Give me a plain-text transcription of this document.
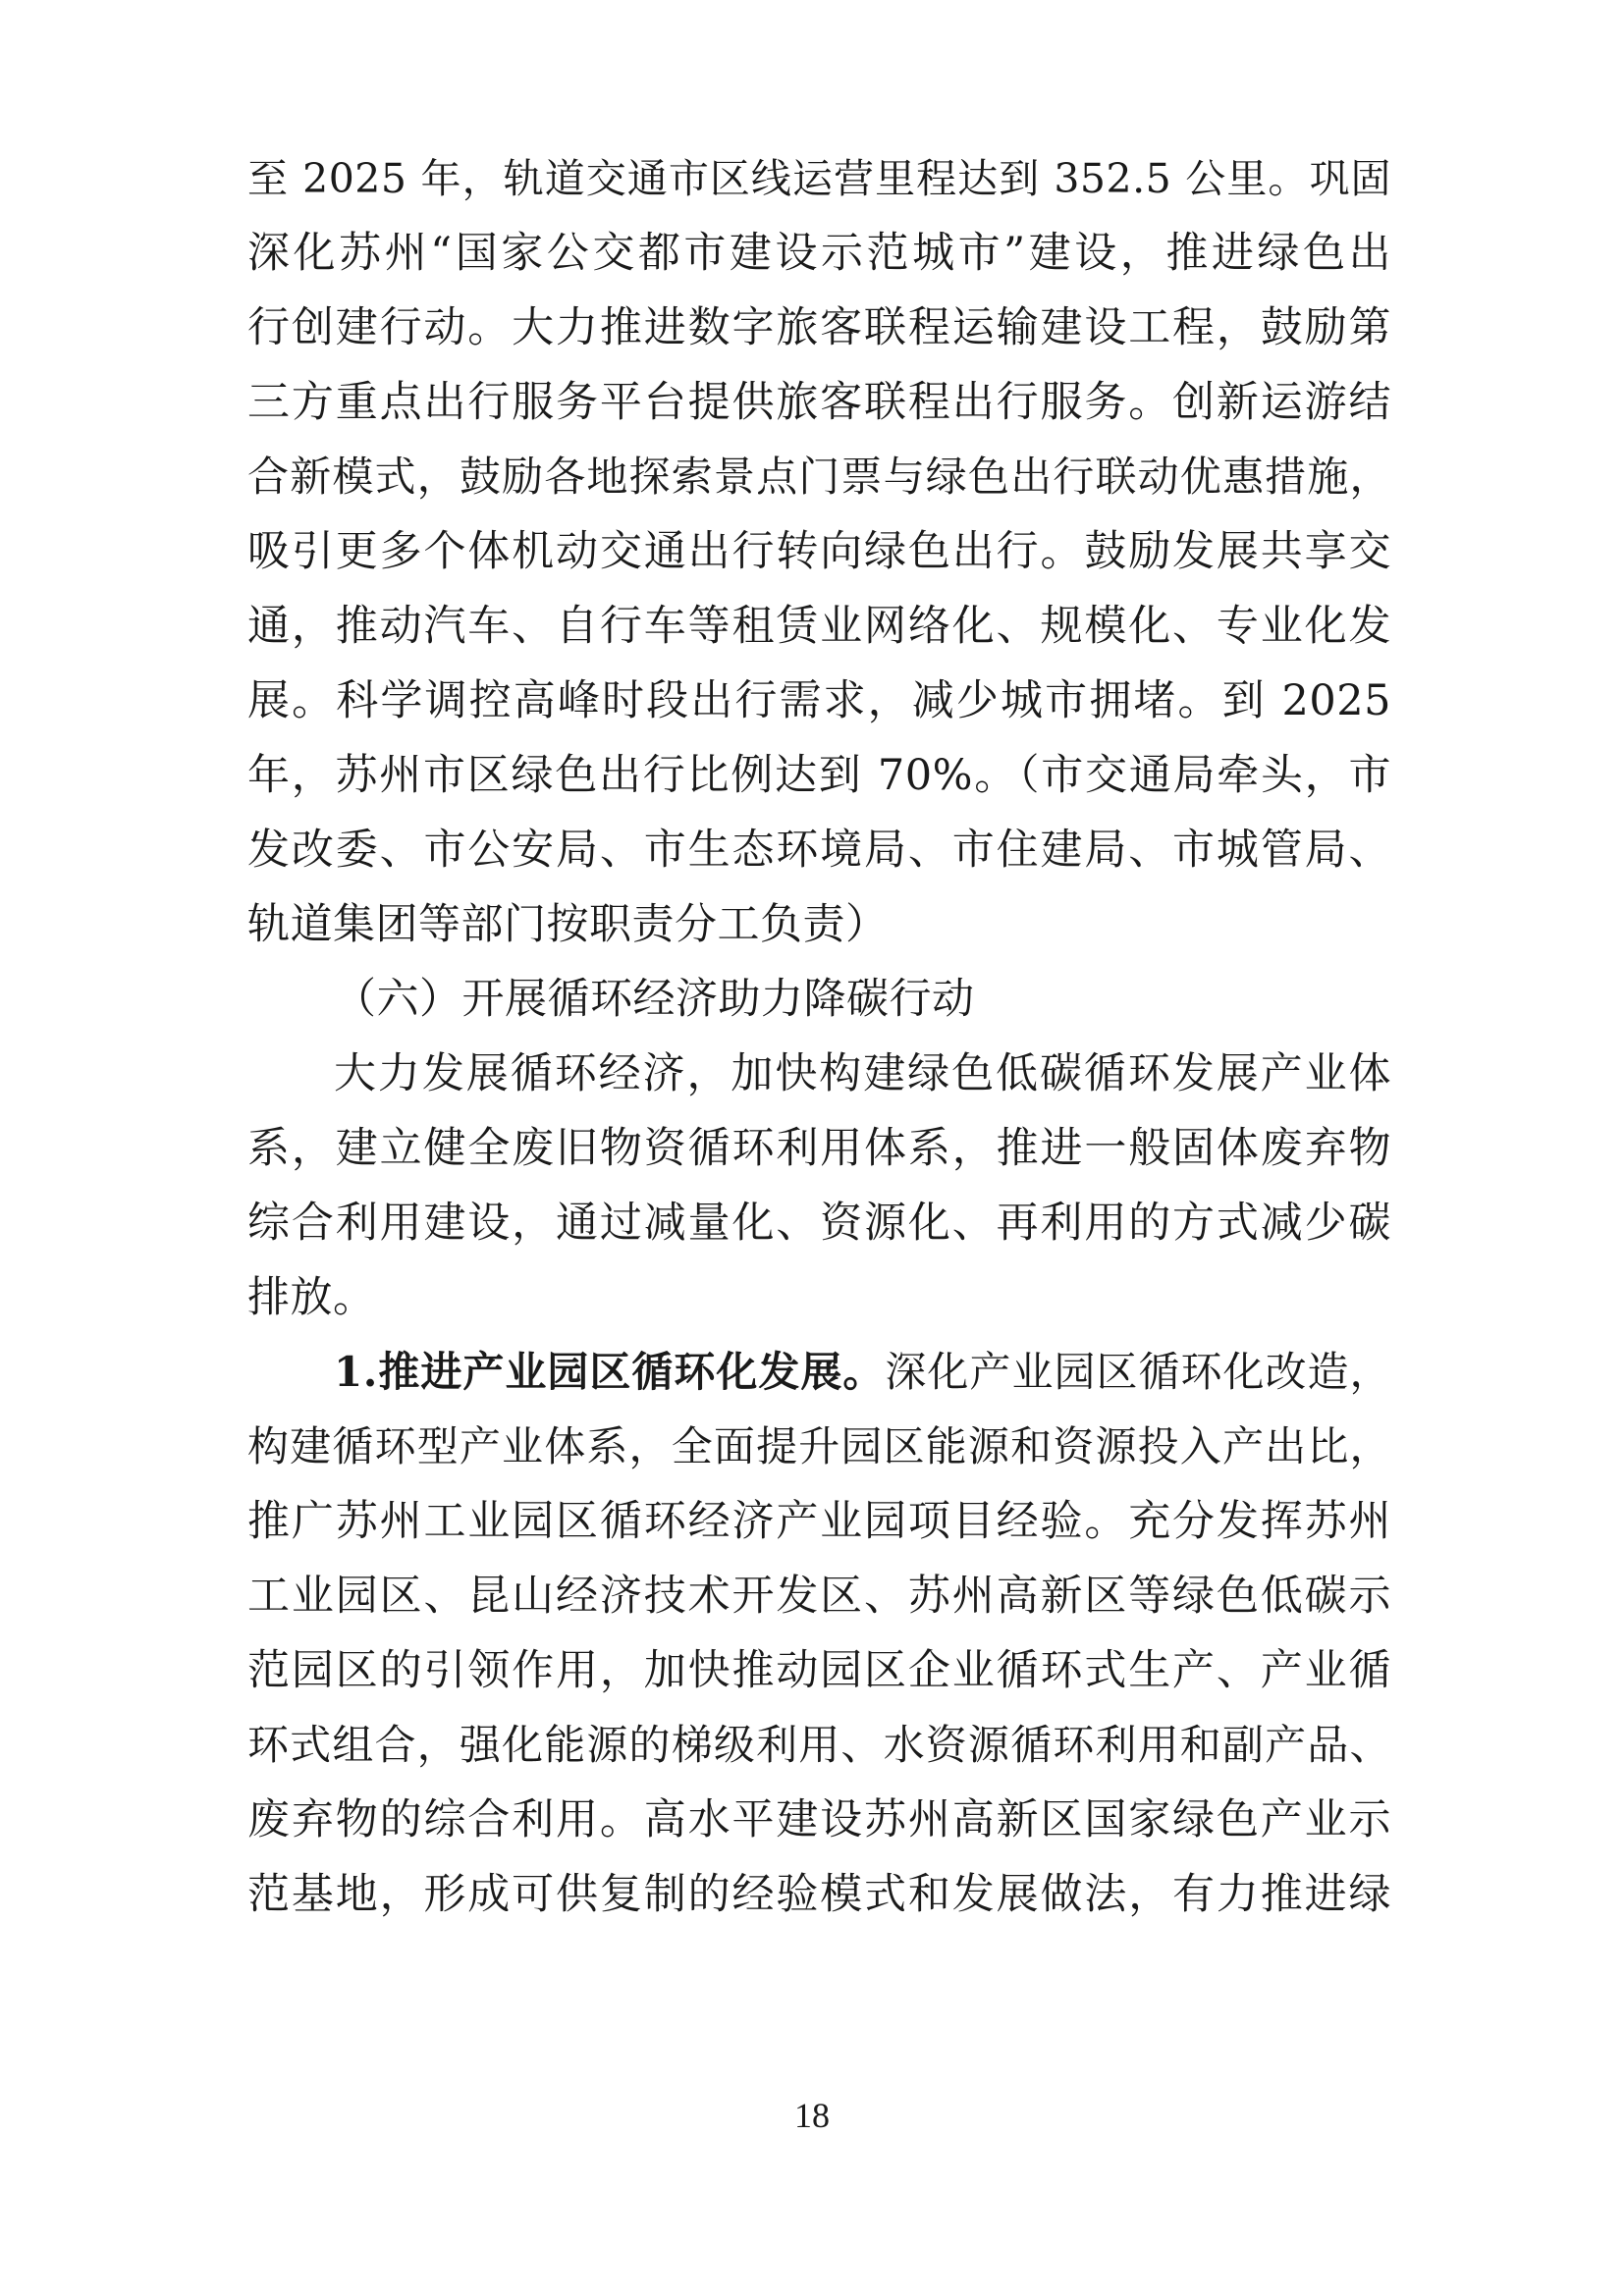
至 2025 年，轨道交通市区线运营里程达到 352.5 公里。巩固
深化苏州“国家公交都市建设示范城市”建设，推进绿色出
行创建行动。大力推进数字旅客联程运输建设工程，鼓励第
三方重点出行服务平台提供旅客联程出行服务。创新运游结
合新模式，鼓励各地探索景点门票与绿色出行联动优惠措施，
吸引更多个体机动交通出行转向绿色出行。鼓励发展共享交
通，推动汽车、自行车等租赁业网络化、规模化、专业化发
展。科学调控高峰时段出行需求，减少城市拥堵。到 2025
年，苏州市区绿色出行比例达到 70%。（市交通局牵头，市
发改委、市公安局、市生态环境局、市住建局、市城管局、
轨道集团等部门按职责分工负责）
（六）开展循环经济助力降碳行动
大力发展循环经济，加快构建绿色低碳循环发展产业体
系，建立健全废旧物资循环利用体系，推进一般固体废弃物
综合利用建设，通过减量化、资源化、再利用的方式减少碳
排放。
1.推进产业园区循环化发展。深化产业园区循环化改造，
构建循环型产业体系，全面提升园区能源和资源投入产出比，
推广苏州工业园区循环经济产业园项目经验。充分发挥苏州
工业园区、昆山经济技术开发区、苏州高新区等绿色低碳示
范园区的引领作用，加快推动园区企业循环式生产、产业循
环式组合，强化能源的梯级利用、水资源循环利用和副产品、
废弃物的综合利用。高水平建设苏州高新区国家绿色产业示
范基地，形成可供复制的经验模式和发展做法，有力推进绿
18
